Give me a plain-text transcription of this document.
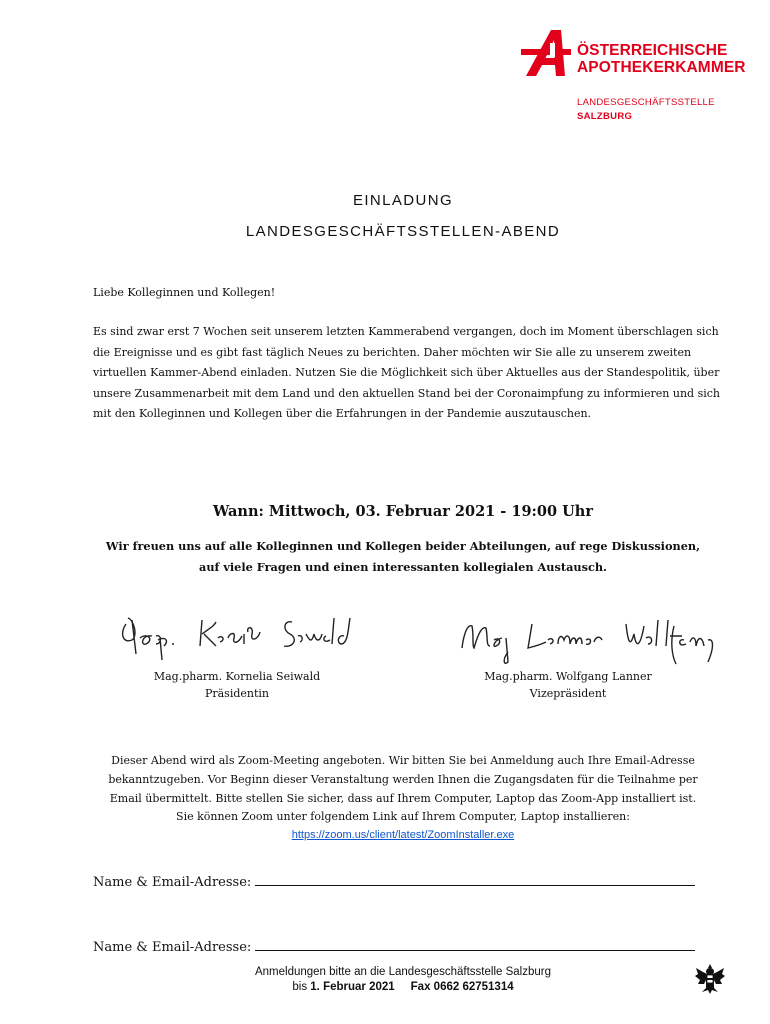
ÖSTERREICHISCHE
APOTHEKERKAMMER
LANDESGESCHÄFTSSTELLE
SALZBURG
EINLADUNG
LANDESGESCHÄFTSSTELLEN-ABEND
Liebe Kolleginnen und Kollegen!
Es sind zwar erst 7 Wochen seit unserem letzten Kammerabend vergangen, doch im Moment überschlagen sich die Ereignisse und es gibt fast täglich Neues zu berichten. Daher möchten wir Sie alle zu unserem zweiten virtuellen Kammer-Abend einladen. Nutzen Sie die Möglichkeit sich über Aktuelles aus der Standespolitik, über unsere Zusammenarbeit mit dem Land und den aktuellen Stand bei der Coronaimpfung zu informieren und sich mit den Kolleginnen und Kollegen über die Erfahrungen in der Pandemie auszutauschen.
Wann: Mittwoch, 03. Februar 2021 - 19:00 Uhr
Wir freuen uns auf alle Kolleginnen und Kollegen beider Abteilungen, auf rege Diskussionen,
auf viele Fragen und einen interessanten kollegialen Austausch.
Mag.pharm. Kornelia Seiwald
Präsidentin
Mag.pharm. Wolfgang Lanner
Vizepräsident
Dieser Abend wird als Zoom-Meeting angeboten. Wir bitten Sie bei Anmeldung auch Ihre Email-Adresse
bekanntzugeben. Vor Beginn dieser Veranstaltung werden Ihnen die Zugangsdaten für die Teilnahme per
Email übermittelt. Bitte stellen Sie sicher, dass auf Ihrem Computer, Laptop das Zoom-App installiert ist.
Sie können Zoom unter folgendem Link auf Ihrem Computer, Laptop installieren:
https://zoom.us/client/latest/ZoomInstaller.exe
Name & Email-Adresse:
Name & Email-Adresse:
Anmeldungen bitte an die Landesgeschäftsstelle Salzburg
bis 1. Februar 2021 Fax 0662 62751314
